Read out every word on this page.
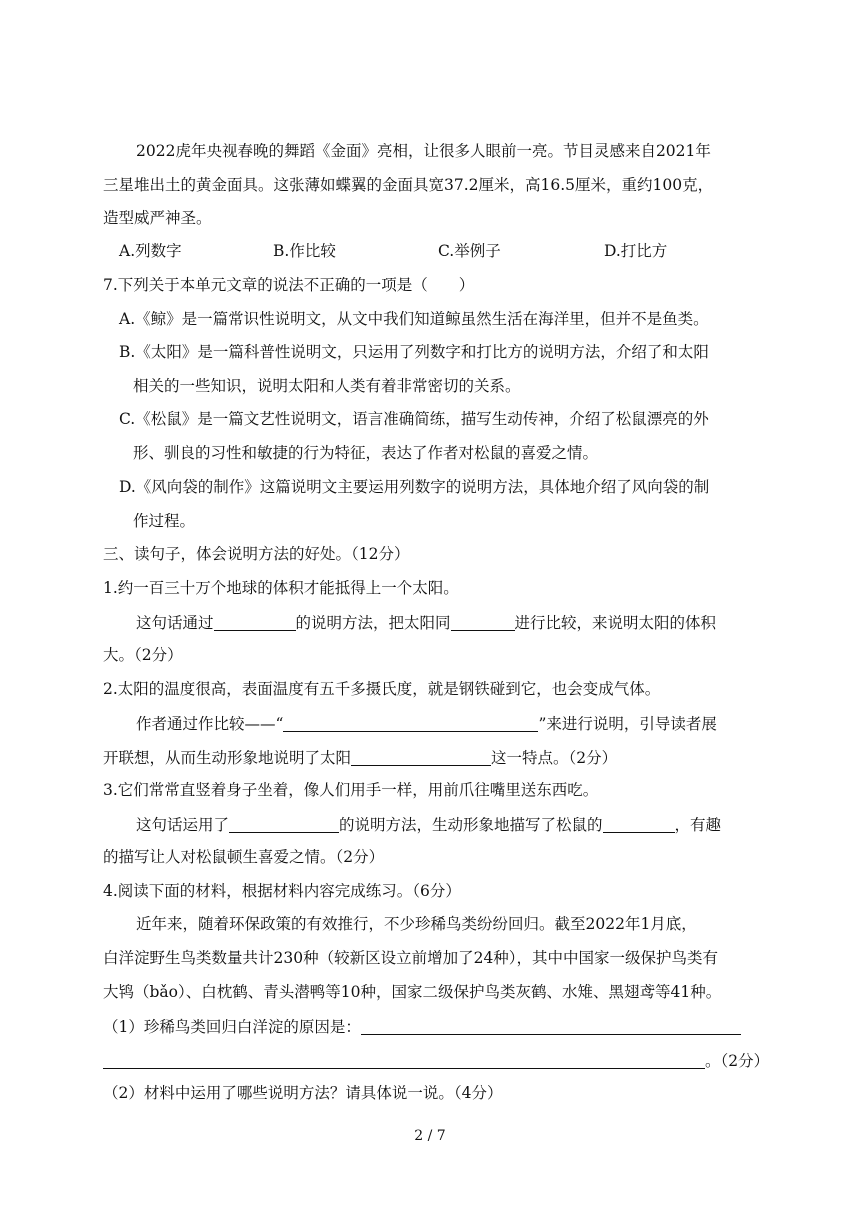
2022虎年央视春晚的舞蹈《金面》亮相，让很多人眼前一亮。节目灵感来自2021年
三星堆出土的黄金面具。这张薄如蝶翼的金面具宽37.2厘米，高16.5厘米，重约100克，
造型威严神圣。
A.列数字	B.作比较	C.举例子	D.打比方
7.下列关于本单元文章的说法不正确的一项是（　　）
A.《鲸》是一篇常识性说明文，从文中我们知道鲸虽然生活在海洋里，但并不是鱼类。
B.《太阳》是一篇科普性说明文，只运用了列数字和打比方的说明方法，介绍了和太阳
相关的一些知识，说明太阳和人类有着非常密切的关系。
C.《松鼠》是一篇文艺性说明文，语言准确简练，描写生动传神，介绍了松鼠漂亮的外
形、驯良的习性和敏捷的行为特征，表达了作者对松鼠的喜爱之情。
D.《风向袋的制作》这篇说明文主要运用列数字的说明方法，具体地介绍了风向袋的制
作过程。
三、读句子，体会说明方法的好处。（12分）
1.约一百三十万个地球的体积才能抵得上一个太阳。
这句话通过	的说明方法，把太阳同	进行比较，来说明太阳的体积
大。（2分）
2.太阳的温度很高，表面温度有五千多摄氏度，就是钢铁碰到它，也会变成气体。
作者通过作比较——“	”来进行说明，引导读者展
开联想，从而生动形象地说明了太阳	这一特点。（2分）
3.它们常常直竖着身子坐着，像人们用手一样，用前爪往嘴里送东西吃。
这句话运用了	的说明方法，生动形象地描写了松鼠的	，有趣
的描写让人对松鼠顿生喜爱之情。（2分）
4.阅读下面的材料，根据材料内容完成练习。（6分）
近年来，随着环保政策的有效推行，不少珍稀鸟类纷纷回归。截至2022年1月底，
白洋淀野生鸟类数量共计230种（较新区设立前增加了24种），其中中国家一级保护鸟类有
大鸨（bǎo）、白枕鹤、青头潜鸭等10种，国家二级保护鸟类灰鹤、水雉、黑翅鸢等41种。
（1）珍稀鸟类回归白洋淀的原因是：
。（2分）
（2）材料中运用了哪些说明方法？请具体说一说。（4分）
2 / 7
